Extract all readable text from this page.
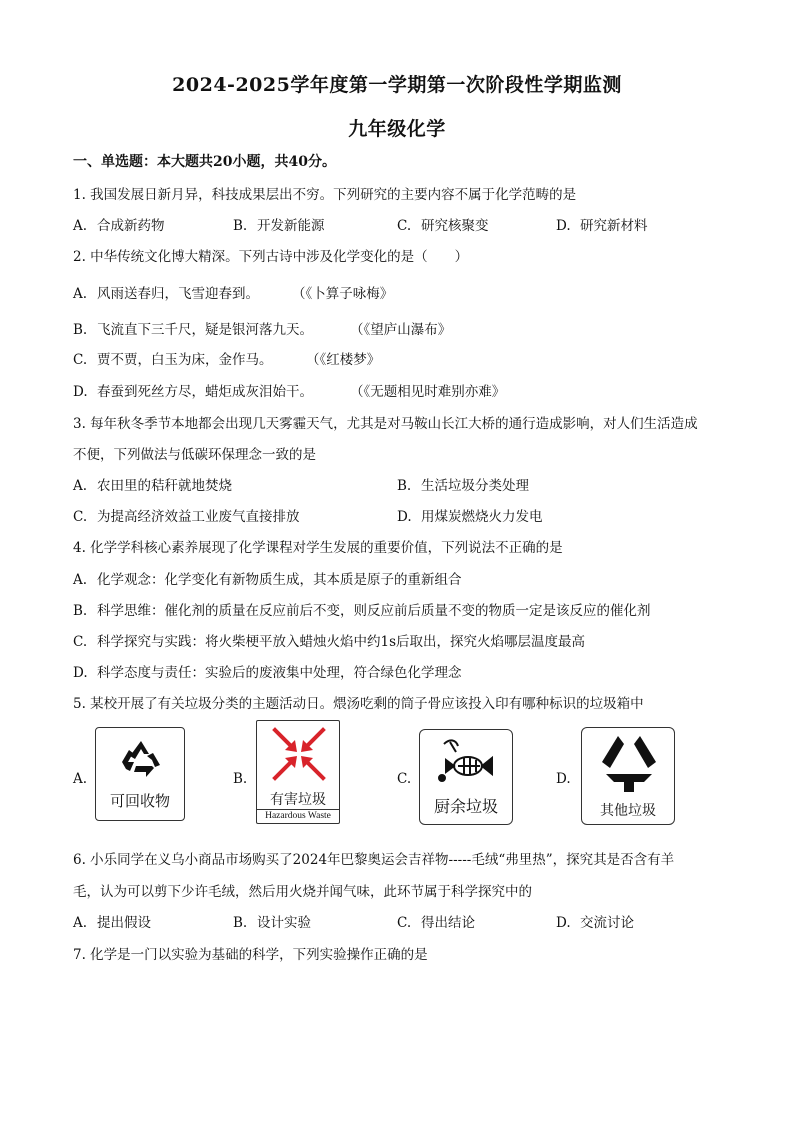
2024-2025学年度第一学期第一次阶段性学期监测
九年级化学
一、单选题：本大题共20小题，共40分。
1. 我国发展日新月异，科技成果层出不穷。下列研究的主要内容不属于化学范畴的是
A. 合成新药物	B. 开发新能源	C. 研究核聚变	D. 研究新材料
2. 中华传统文化博大精深。下列古诗中涉及化学变化的是（　　）
A. 风雨送春归，飞雪迎春到。 （《卜算子咏梅》
B. 飞流直下三千尺，疑是银河落九天。	（《望庐山瀑布》
C. 贾不贾，白玉为床，金作马。 （《红楼梦》
D. 春蚕到死丝方尽，蜡炬成灰泪始干。	（《无题相见时难别亦难》
3. 每年秋冬季节本地都会出现几天雾霾天气，尤其是对马鞍山长江大桥的通行造成影响，对人们生活造成
不便，下列做法与低碳环保理念一致的是
A. 农田里的秸秆就地焚烧	B. 生活垃圾分类处理
C. 为提高经济效益工业废气直接排放	D. 用煤炭燃烧火力发电
4. 化学学科核心素养展现了化学课程对学生发展的重要价值，下列说法不正确的是
A. 化学观念：化学变化有新物质生成，其本质是原子的重新组合
B. 科学思维：催化剂的质量在反应前后不变，则反应前后质量不变的物质一定是该反应的催化剂
C. 科学探究与实践：将火柴梗平放入蜡烛火焰中约1s后取出，探究火焰哪层温度最高
D. 科学态度与责任：实验后的废液集中处理，符合绿色化学理念
5. 某校开展了有关垃圾分类的主题活动日。煨汤吃剩的筒子骨应该投入印有哪种标识的垃圾箱中
A.
可回收物
B.
有害垃圾
Hazardous Waste
C.
厨余垃圾
D.
其他垃圾
6. 小乐同学在义乌小商品市场购买了2024年巴黎奥运会吉祥物-----毛绒“弗里热”，探究其是否含有羊
毛，认为可以剪下少许毛绒，然后用火烧并闻气味，此环节属于科学探究中的
A. 提出假设	B. 设计实验	C. 得出结论	D. 交流讨论
7. 化学是一门以实验为基础的科学，下列实验操作正确的是
